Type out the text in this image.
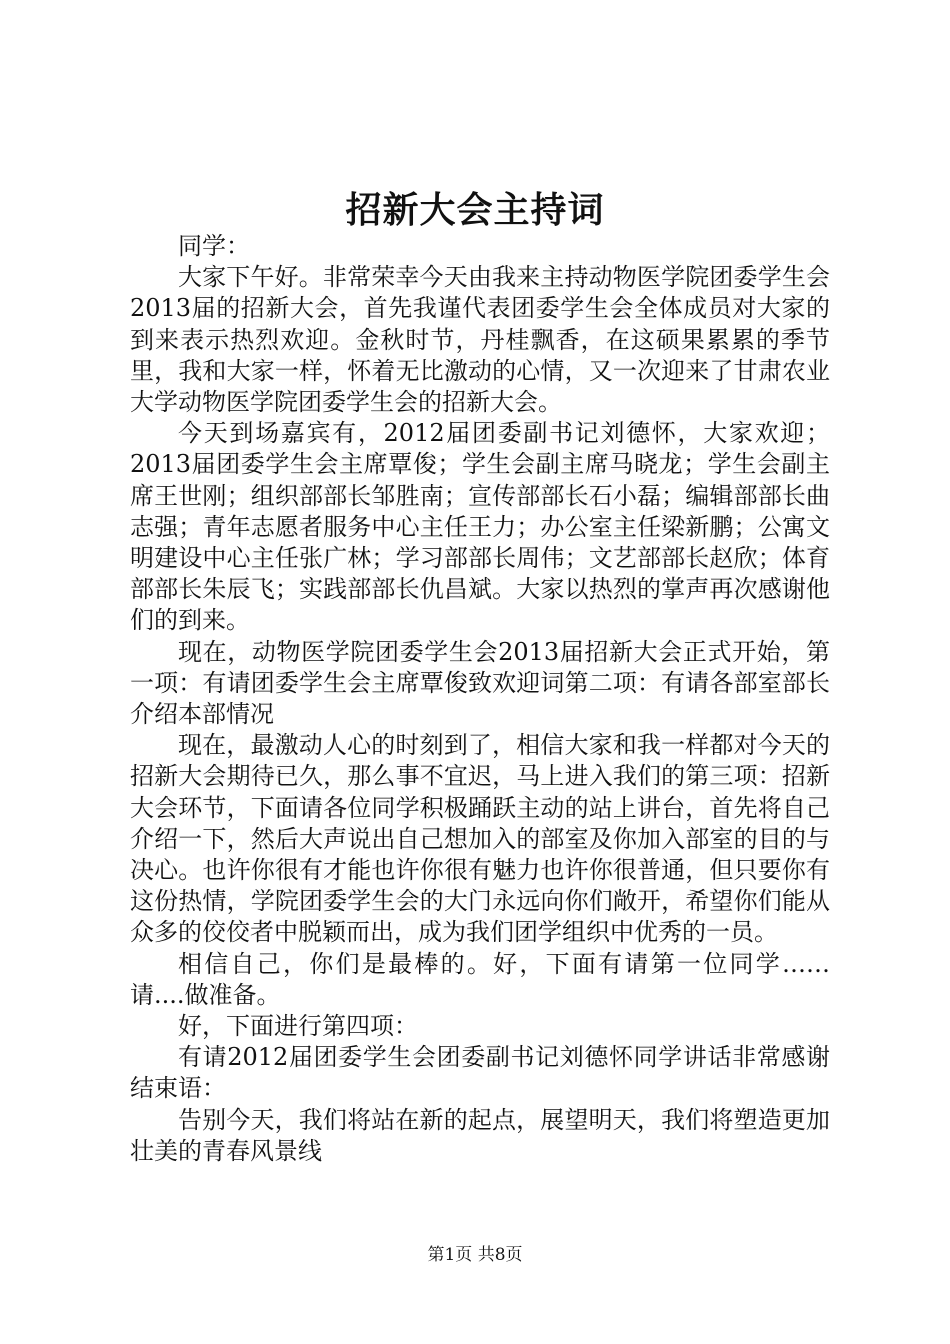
招新大会主持词

同学：

大家下午好。非常荣幸今天由我来主持动物医学院团委学生会2013届的招新大会，首先我谨代表团委学生会全体成员对大家的到来表示热烈欢迎。金秋时节，丹桂飘香，在这硕果累累的季节里，我和大家一样，怀着无比激动的心情，又一次迎来了甘肃农业大学动物医学院团委学生会的招新大会。

今天到场嘉宾有，2012届团委副书记刘德怀，大家欢迎；2013届团委学生会主席覃俊；学生会副主席马晓龙；学生会副主席王世刚；组织部部长邹胜南；宣传部部长石小磊；编辑部部长曲志强；青年志愿者服务中心主任王力；办公室主任梁新鹏；公寓文明建设中心主任张广林；学习部部长周伟；文艺部部长赵欣；体育部部长朱辰飞；实践部部长仇昌斌。大家以热烈的掌声再次感谢他们的到来。

现在，动物医学院团委学生会2013届招新大会正式开始，第一项：有请团委学生会主席覃俊致欢迎词第二项：有请各部室部长介绍本部情况

现在，最激动人心的时刻到了，相信大家和我一样都对今天的招新大会期待已久，那么事不宜迟，马上进入我们的第三项：招新大会环节，下面请各位同学积极踊跃主动的站上讲台，首先将自己介绍一下，然后大声说出自己想加入的部室及你加入部室的目的与决心。也许你很有才能也许你很有魅力也许你很普通，但只要你有这份热情，学院团委学生会的大门永远向你们敞开，希望你们能从众多的佼佼者中脱颖而出，成为我们团学组织中优秀的一员。

相信自己，你们是最棒的。好，下面有请第一位同学……请....做准备。

好，下面进行第四项：

有请2012届团委学生会团委副书记刘德怀同学讲话非常感谢结束语：

告别今天，我们将站在新的起点，展望明天，我们将塑造更加壮美的青春风景线

第1页 共8页
